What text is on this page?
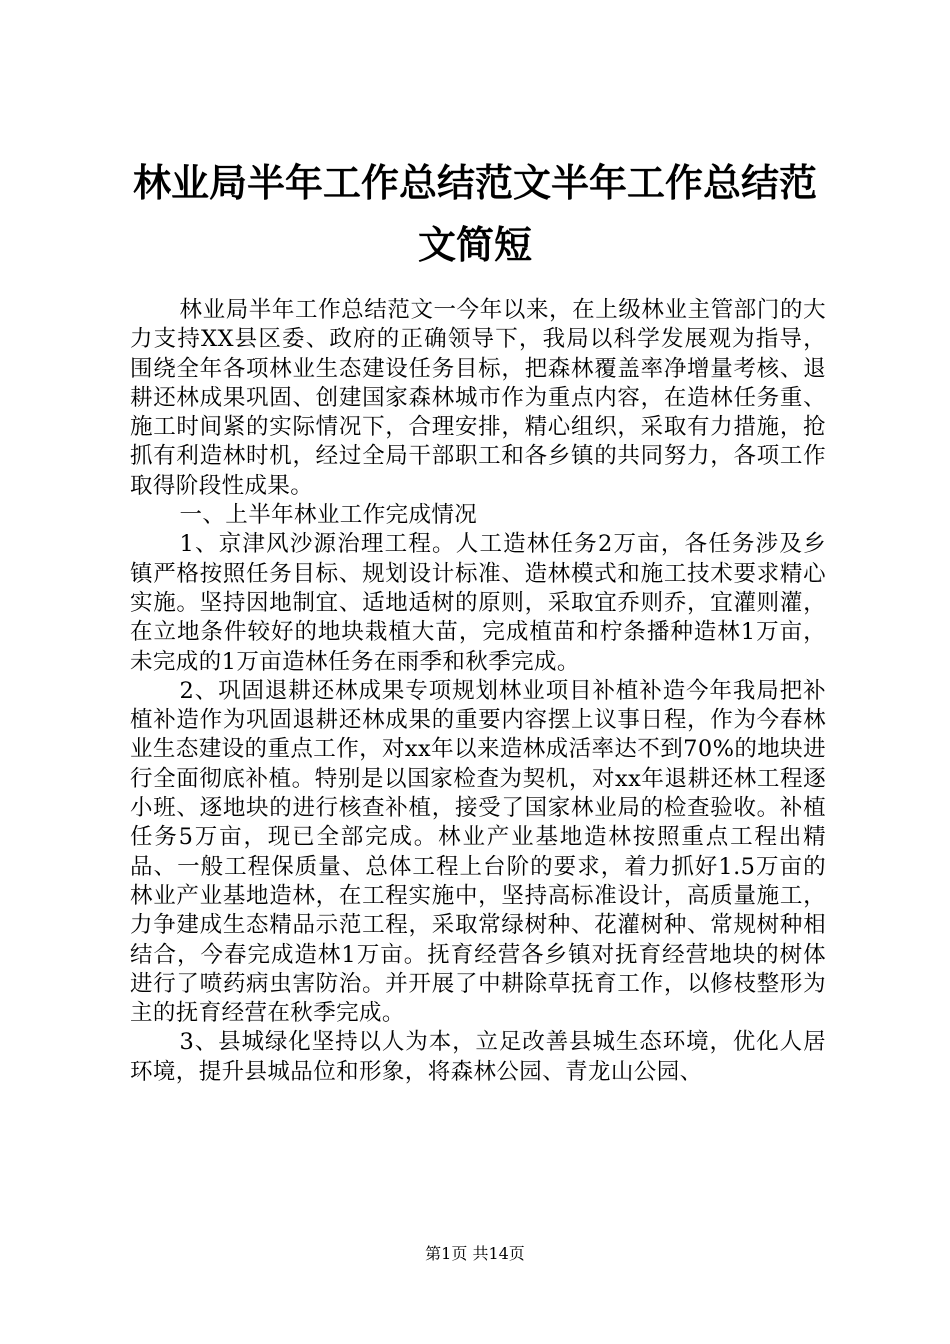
林业局半年工作总结范文半年工作总结范文简短

林业局半年工作总结范文一今年以来，在上级林业主管部门的大力支持XX县区委、政府的正确领导下，我局以科学发展观为指导，围绕全年各项林业生态建设任务目标，把森林覆盖率净增量考核、退耕还林成果巩固、创建国家森林城市作为重点内容，在造林任务重、施工时间紧的实际情况下，合理安排，精心组织，采取有力措施，抢抓有利造林时机，经过全局干部职工和各乡镇的共同努力，各项工作取得阶段性成果。

一、上半年林业工作完成情况

1、京津风沙源治理工程。人工造林任务2万亩，各任务涉及乡镇严格按照任务目标、规划设计标准、造林模式和施工技术要求精心实施。坚持因地制宜、适地适树的原则，采取宜乔则乔，宜灌则灌，在立地条件较好的地块栽植大苗，完成植苗和柠条播种造林1万亩，未完成的1万亩造林任务在雨季和秋季完成。

2、巩固退耕还林成果专项规划林业项目补植补造今年我局把补植补造作为巩固退耕还林成果的重要内容摆上议事日程，作为今春林业生态建设的重点工作，对xx年以来造林成活率达不到70%的地块进行全面彻底补植。特别是以国家检查为契机，对xx年退耕还林工程逐小班、逐地块的进行核查补植，接受了国家林业局的检查验收。补植任务5万亩，现已全部完成。林业产业基地造林按照重点工程出精品、一般工程保质量、总体工程上台阶的要求，着力抓好1.5万亩的林业产业基地造林，在工程实施中，坚持高标准设计，高质量施工，力争建成生态精品示范工程，采取常绿树种、花灌树种、常规树种相结合，今春完成造林1万亩。抚育经营各乡镇对抚育经营地块的树体进行了喷药病虫害防治。并开展了中耕除草抚育工作，以修枝整形为主的抚育经营在秋季完成。

3、县城绿化坚持以人为本，立足改善县城生态环境，优化人居环境，提升县城品位和形象，将森林公园、青龙山公园、

第1页 共14页
